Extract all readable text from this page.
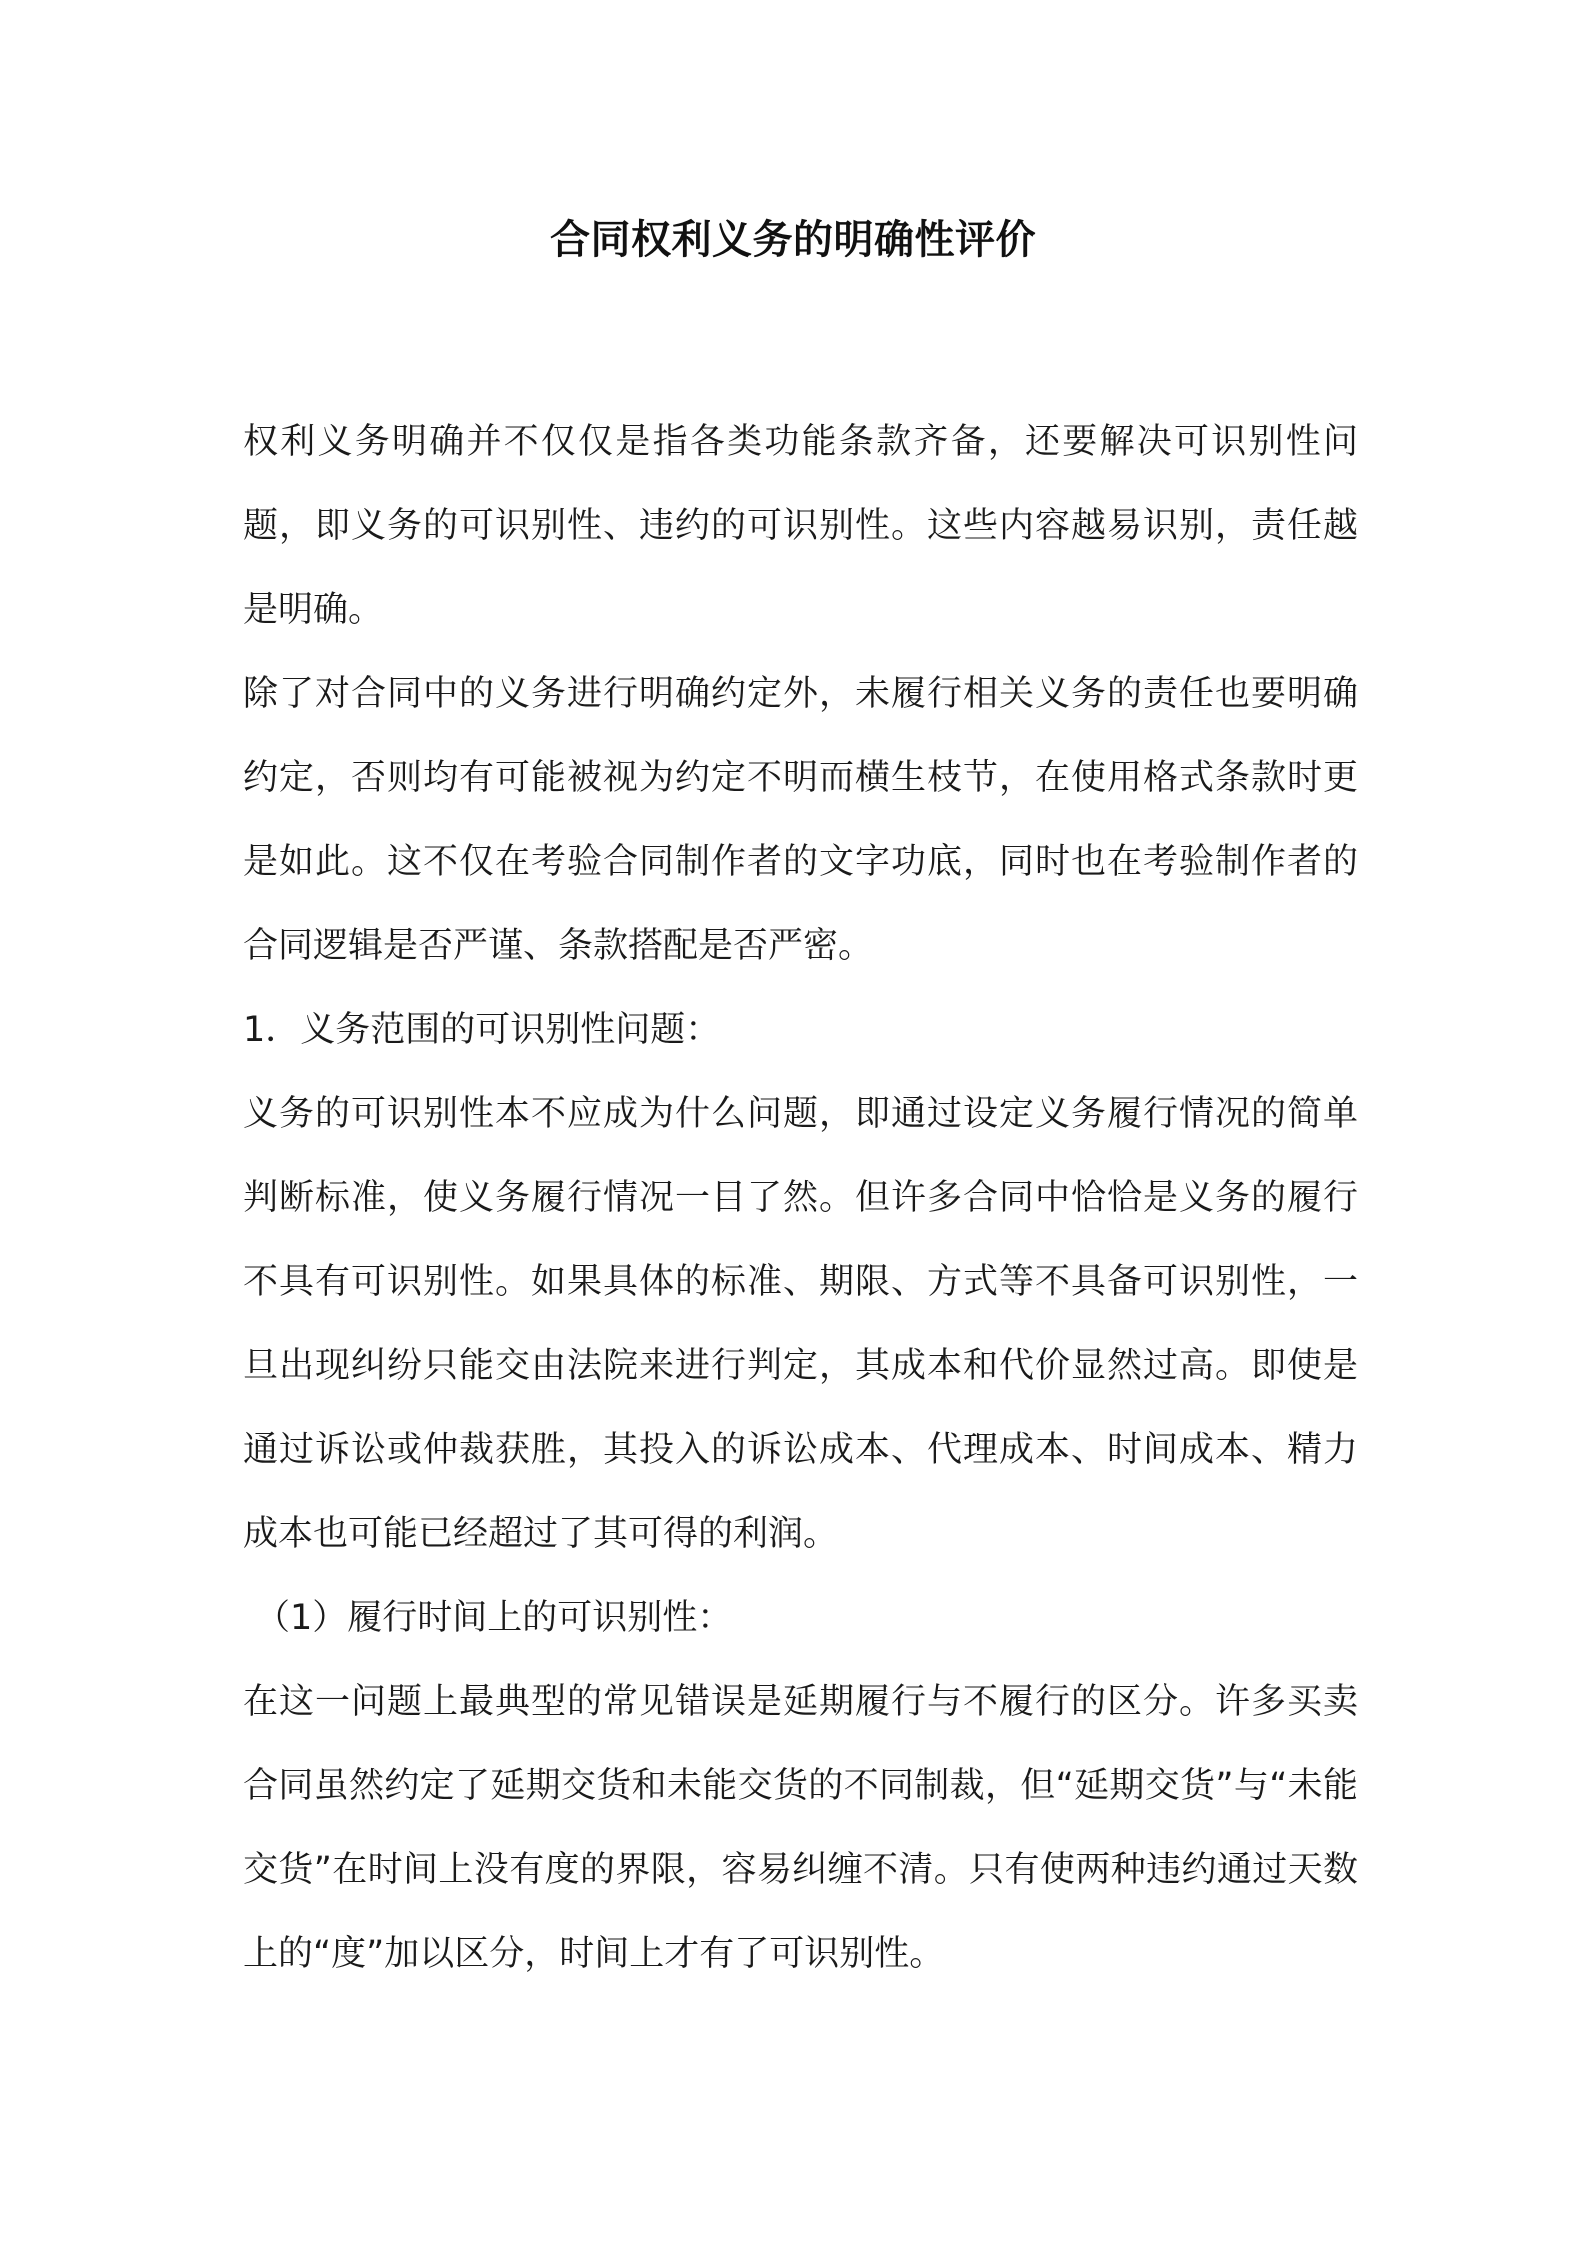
合同权利义务的明确性评价

权利义务明确并不仅仅是指各类功能条款齐备，还要解决可识别性问题，即义务的可识别性、违约的可识别性。这些内容越易识别，责任越是明确。

除了对合同中的义务进行明确约定外，未履行相关义务的责任也要明确约定，否则均有可能被视为约定不明而横生枝节，在使用格式条款时更是如此。这不仅在考验合同制作者的文字功底，同时也在考验制作者的合同逻辑是否严谨、条款搭配是否严密。

1．义务范围的可识别性问题：

义务的可识别性本不应成为什么问题，即通过设定义务履行情况的简单判断标准，使义务履行情况一目了然。但许多合同中恰恰是义务的履行不具有可识别性。如果具体的标准、期限、方式等不具备可识别性，一旦出现纠纷只能交由法院来进行判定，其成本和代价显然过高。即使是通过诉讼或仲裁获胜，其投入的诉讼成本、代理成本、时间成本、精力成本也可能已经超过了其可得的利润。

（1）履行时间上的可识别性：

在这一问题上最典型的常见错误是延期履行与不履行的区分。许多买卖合同虽然约定了延期交货和未能交货的不同制裁，但“延期交货”与“未能交货”在时间上没有度的界限，容易纠缠不清。只有使两种违约通过天数上的“度”加以区分，时间上才有了可识别性。
